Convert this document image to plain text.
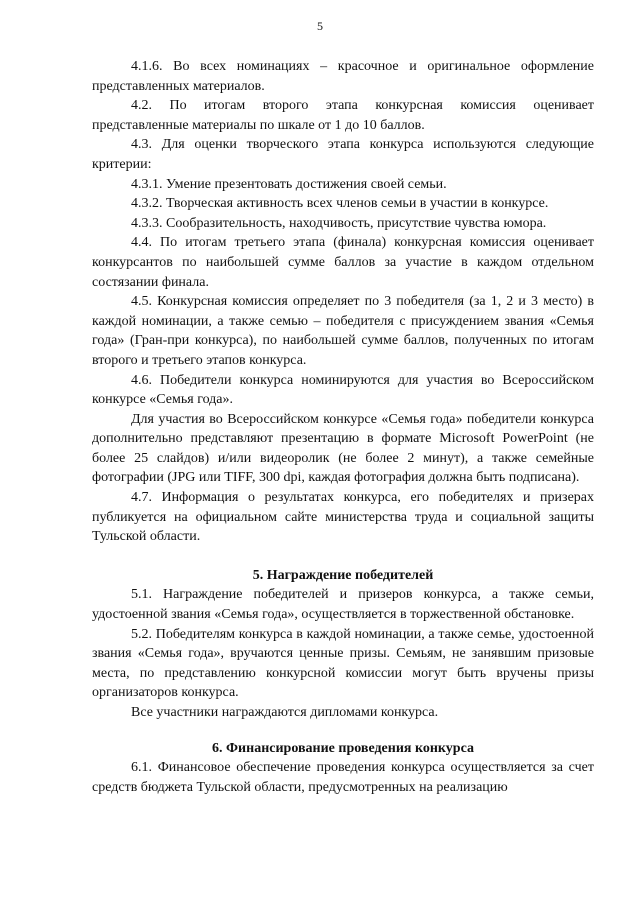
5

4.1.6. Во всех номинациях – красочное и оригинальное оформление представленных материалов.

4.2. По итогам второго этапа конкурсная комиссия оценивает представленные материалы по шкале от 1 до 10 баллов.

4.3. Для оценки творческого этапа конкурса используются следующие критерии:

4.3.1. Умение презентовать достижения своей семьи.

4.3.2. Творческая активность всех членов семьи в участии в конкурсе.

4.3.3. Сообразительность, находчивость, присутствие чувства юмора.

4.4. По итогам третьего этапа (финала) конкурсная комиссия оценивает конкурсантов по наибольшей сумме баллов за участие в каждом отдельном состязании финала.

4.5. Конкурсная комиссия определяет по 3 победителя (за 1, 2 и 3 место) в каждой номинации, а также семью – победителя с присуждением звания «Семья года» (Гран-при конкурса), по наибольшей сумме баллов, полученных по итогам второго и третьего этапов конкурса.

4.6. Победители конкурса номинируются для участия во Всероссийском конкурсе «Семья года».

Для участия во Всероссийском конкурсе «Семья года» победители конкурса дополнительно представляют презентацию в формате Microsoft PowerPoint (не более 25 слайдов) и/или видеоролик (не более 2 минут), а также семейные фотографии (JPG или TIFF, 300 dpi, каждая фотография должна быть подписана).

4.7. Информация о результатах конкурса, его победителях и призерах публикуется на официальном сайте министерства труда и социальной защиты Тульской области.

5. Награждение победителей

5.1. Награждение победителей и призеров конкурса, а также семьи, удостоенной звания «Семья года», осуществляется в торжественной обстановке.

5.2. Победителям конкурса в каждой номинации, а также семье, удостоенной звания «Семья года», вручаются ценные призы. Семьям, не занявшим призовые места, по представлению конкурсной комиссии могут быть вручены призы организаторов конкурса.

Все участники награждаются дипломами конкурса.

6. Финансирование проведения конкурса

6.1. Финансовое обеспечение проведения конкурса осуществляется за счет средств бюджета Тульской области, предусмотренных на реализацию
